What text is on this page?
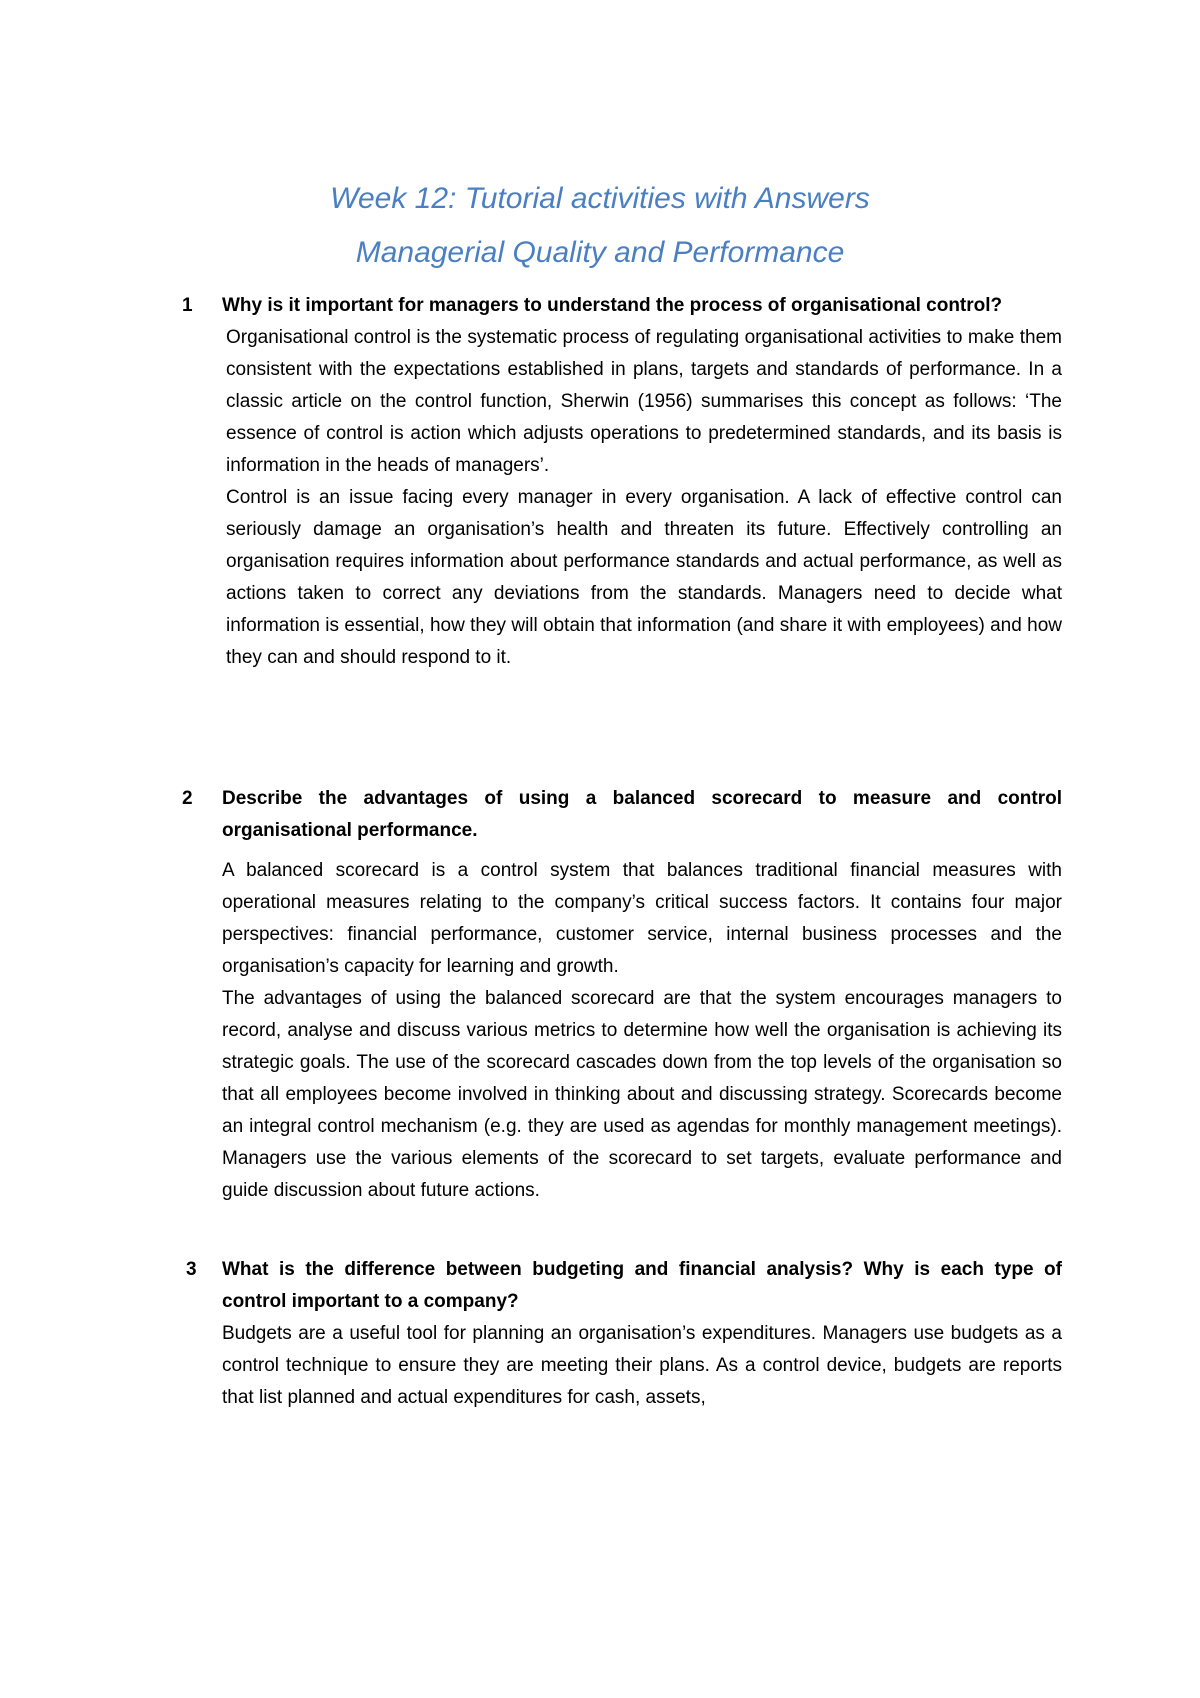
Week 12: Tutorial activities with Answers
Managerial Quality and Performance
1 Why is it important for managers to understand the process of organisational control?

Organisational control is the systematic process of regulating organisational activities to make them consistent with the expectations established in plans, targets and standards of performance. In a classic article on the control function, Sherwin (1956) summarises this concept as follows: ‘The essence of control is action which adjusts operations to predetermined standards, and its basis is information in the heads of managers’.

Control is an issue facing every manager in every organisation. A lack of effective control can seriously damage an organisation’s health and threaten its future. Effectively controlling an organisation requires information about performance standards and actual performance, as well as actions taken to correct any deviations from the standards. Managers need to decide what information is essential, how they will obtain that information (and share it with employees) and how they can and should respond to it.

2 Describe the advantages of using a balanced scorecard to measure and control organisational performance.

A balanced scorecard is a control system that balances traditional financial measures with operational measures relating to the company’s critical success factors. It contains four major perspectives: financial performance, customer service, internal business processes and the organisation’s capacity for learning and growth.

The advantages of using the balanced scorecard are that the system encourages managers to record, analyse and discuss various metrics to determine how well the organisation is achieving its strategic goals. The use of the scorecard cascades down from the top levels of the organisation so that all employees become involved in thinking about and discussing strategy. Scorecards become an integral control mechanism (e.g. they are used as agendas for monthly management meetings). Managers use the various elements of the scorecard to set targets, evaluate performance and guide discussion about future actions.

3 What is the difference between budgeting and financial analysis? Why is each type of control important to a company?

Budgets are a useful tool for planning an organisation’s expenditures. Managers use budgets as a control technique to ensure they are meeting their plans. As a control device, budgets are reports that list planned and actual expenditures for cash, assets,
